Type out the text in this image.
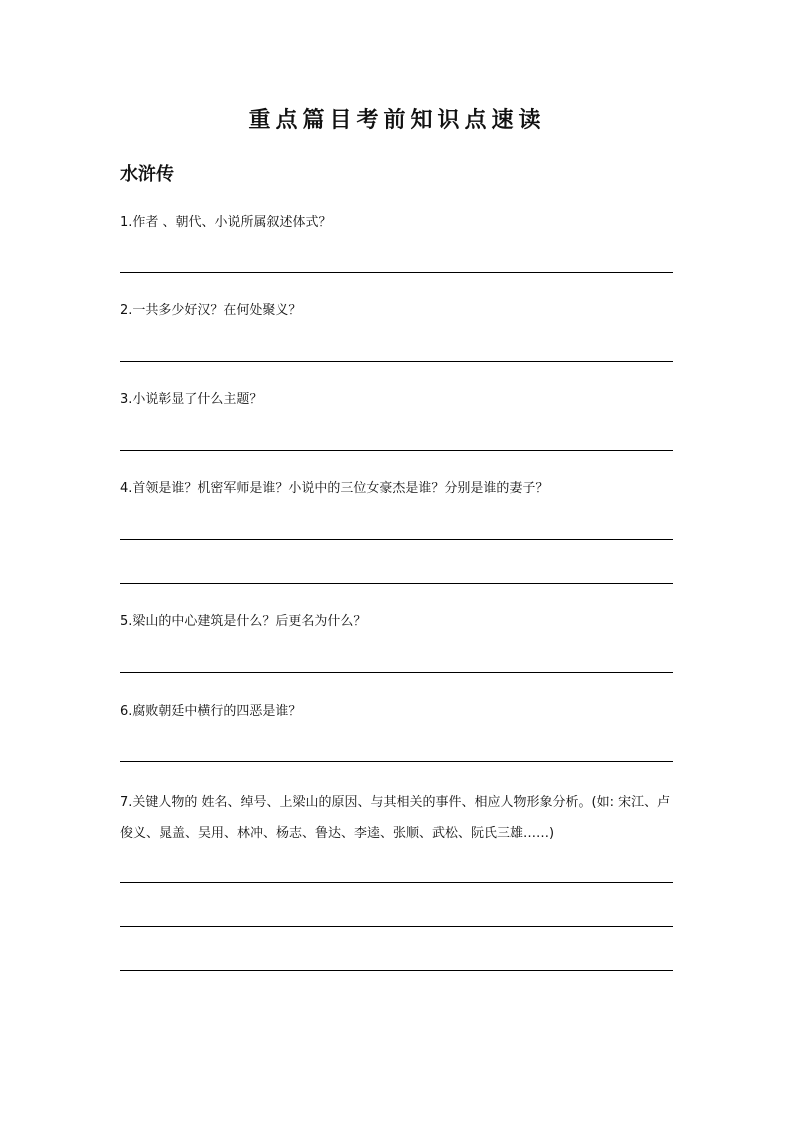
重点篇目考前知识点速读
水浒传
1.作者 、朝代、小说所属叙述体式？
2.一共多少好汉？在何处聚义？
3.小说彰显了什么主题？
4.首领是谁？机密军师是谁？小说中的三位女豪杰是谁？分别是谁的妻子？
5.梁山的中心建筑是什么？后更名为什么？
6.腐败朝廷中横行的四恶是谁？
7.关键人物的 姓名、绰号、上梁山的原因、与其相关的事件、相应人物形象分析。(如: 宋江、卢俊义、晁盖、吴用、林冲、杨志、鲁达、李逵、张顺、武松、阮氏三雄……)
